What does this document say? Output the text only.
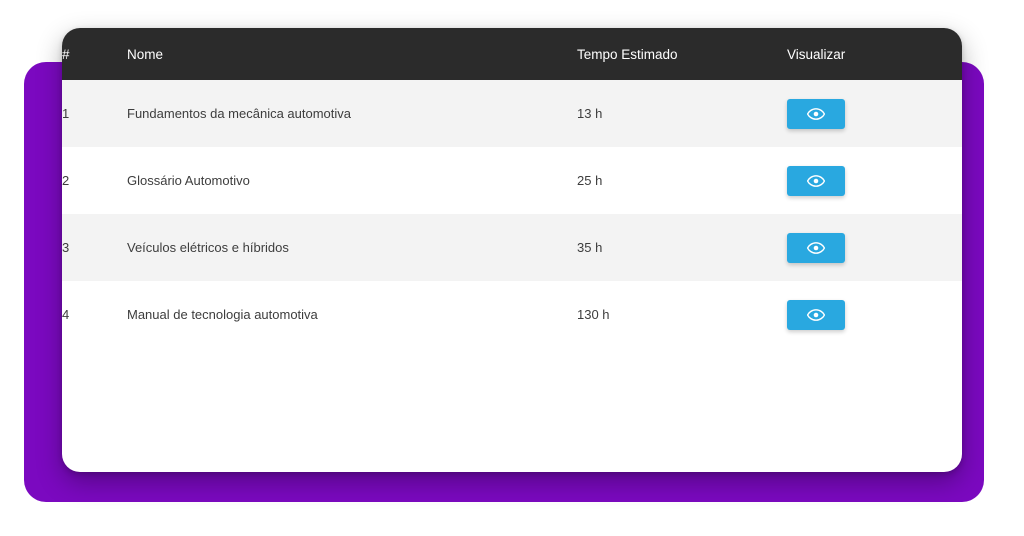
#	Nome	Tempo Estimado	Visualizar
1	Fundamentos da mecânica automotiva	13 h	

2	Glossário Automotivo	25 h	

3	Veículos elétricos e híbridos	35 h	

4	Manual de tecnologia automotiva	130 h	
